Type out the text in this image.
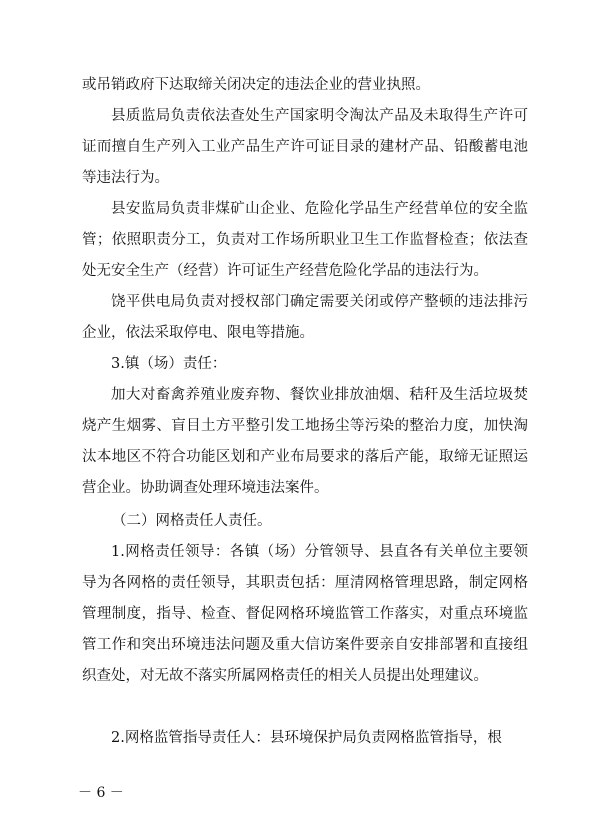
或吊销政府下达取缔关闭决定的违法企业的营业执照。

县质监局负责依法查处生产国家明令淘汰产品及未取得生产许可证而擅自生产列入工业产品生产许可证目录的建材产品、铅酸蓄电池等违法行为。

县安监局负责非煤矿山企业、危险化学品生产经营单位的安全监管；依照职责分工，负责对工作场所职业卫生工作监督检查；依法查处无安全生产（经营）许可证生产经营危险化学品的违法行为。

饶平供电局负责对授权部门确定需要关闭或停产整顿的违法排污企业，依法采取停电、限电等措施。

3.镇（场）责任：

加大对畜禽养殖业废弃物、餐饮业排放油烟、秸秆及生活垃圾焚烧产生烟雾、盲目土方平整引发工地扬尘等污染的整治力度，加快淘汰本地区不符合功能区划和产业布局要求的落后产能，取缔无证照运营企业。协助调查处理环境违法案件。

（二）网格责任人责任。

1.网格责任领导：各镇（场）分管领导、县直各有关单位主要领导为各网格的责任领导，其职责包括：厘清网格管理思路，制定网格管理制度，指导、检查、督促网格环境监管工作落实，对重点环境监管工作和突出环境违法问题及重大信访案件要亲自安排部署和直接组织查处，对无故不落实所属网格责任的相关人员提出处理建议。

2.网格监管指导责任人：县环境保护局负责网格监管指导，根

－ 6 －
